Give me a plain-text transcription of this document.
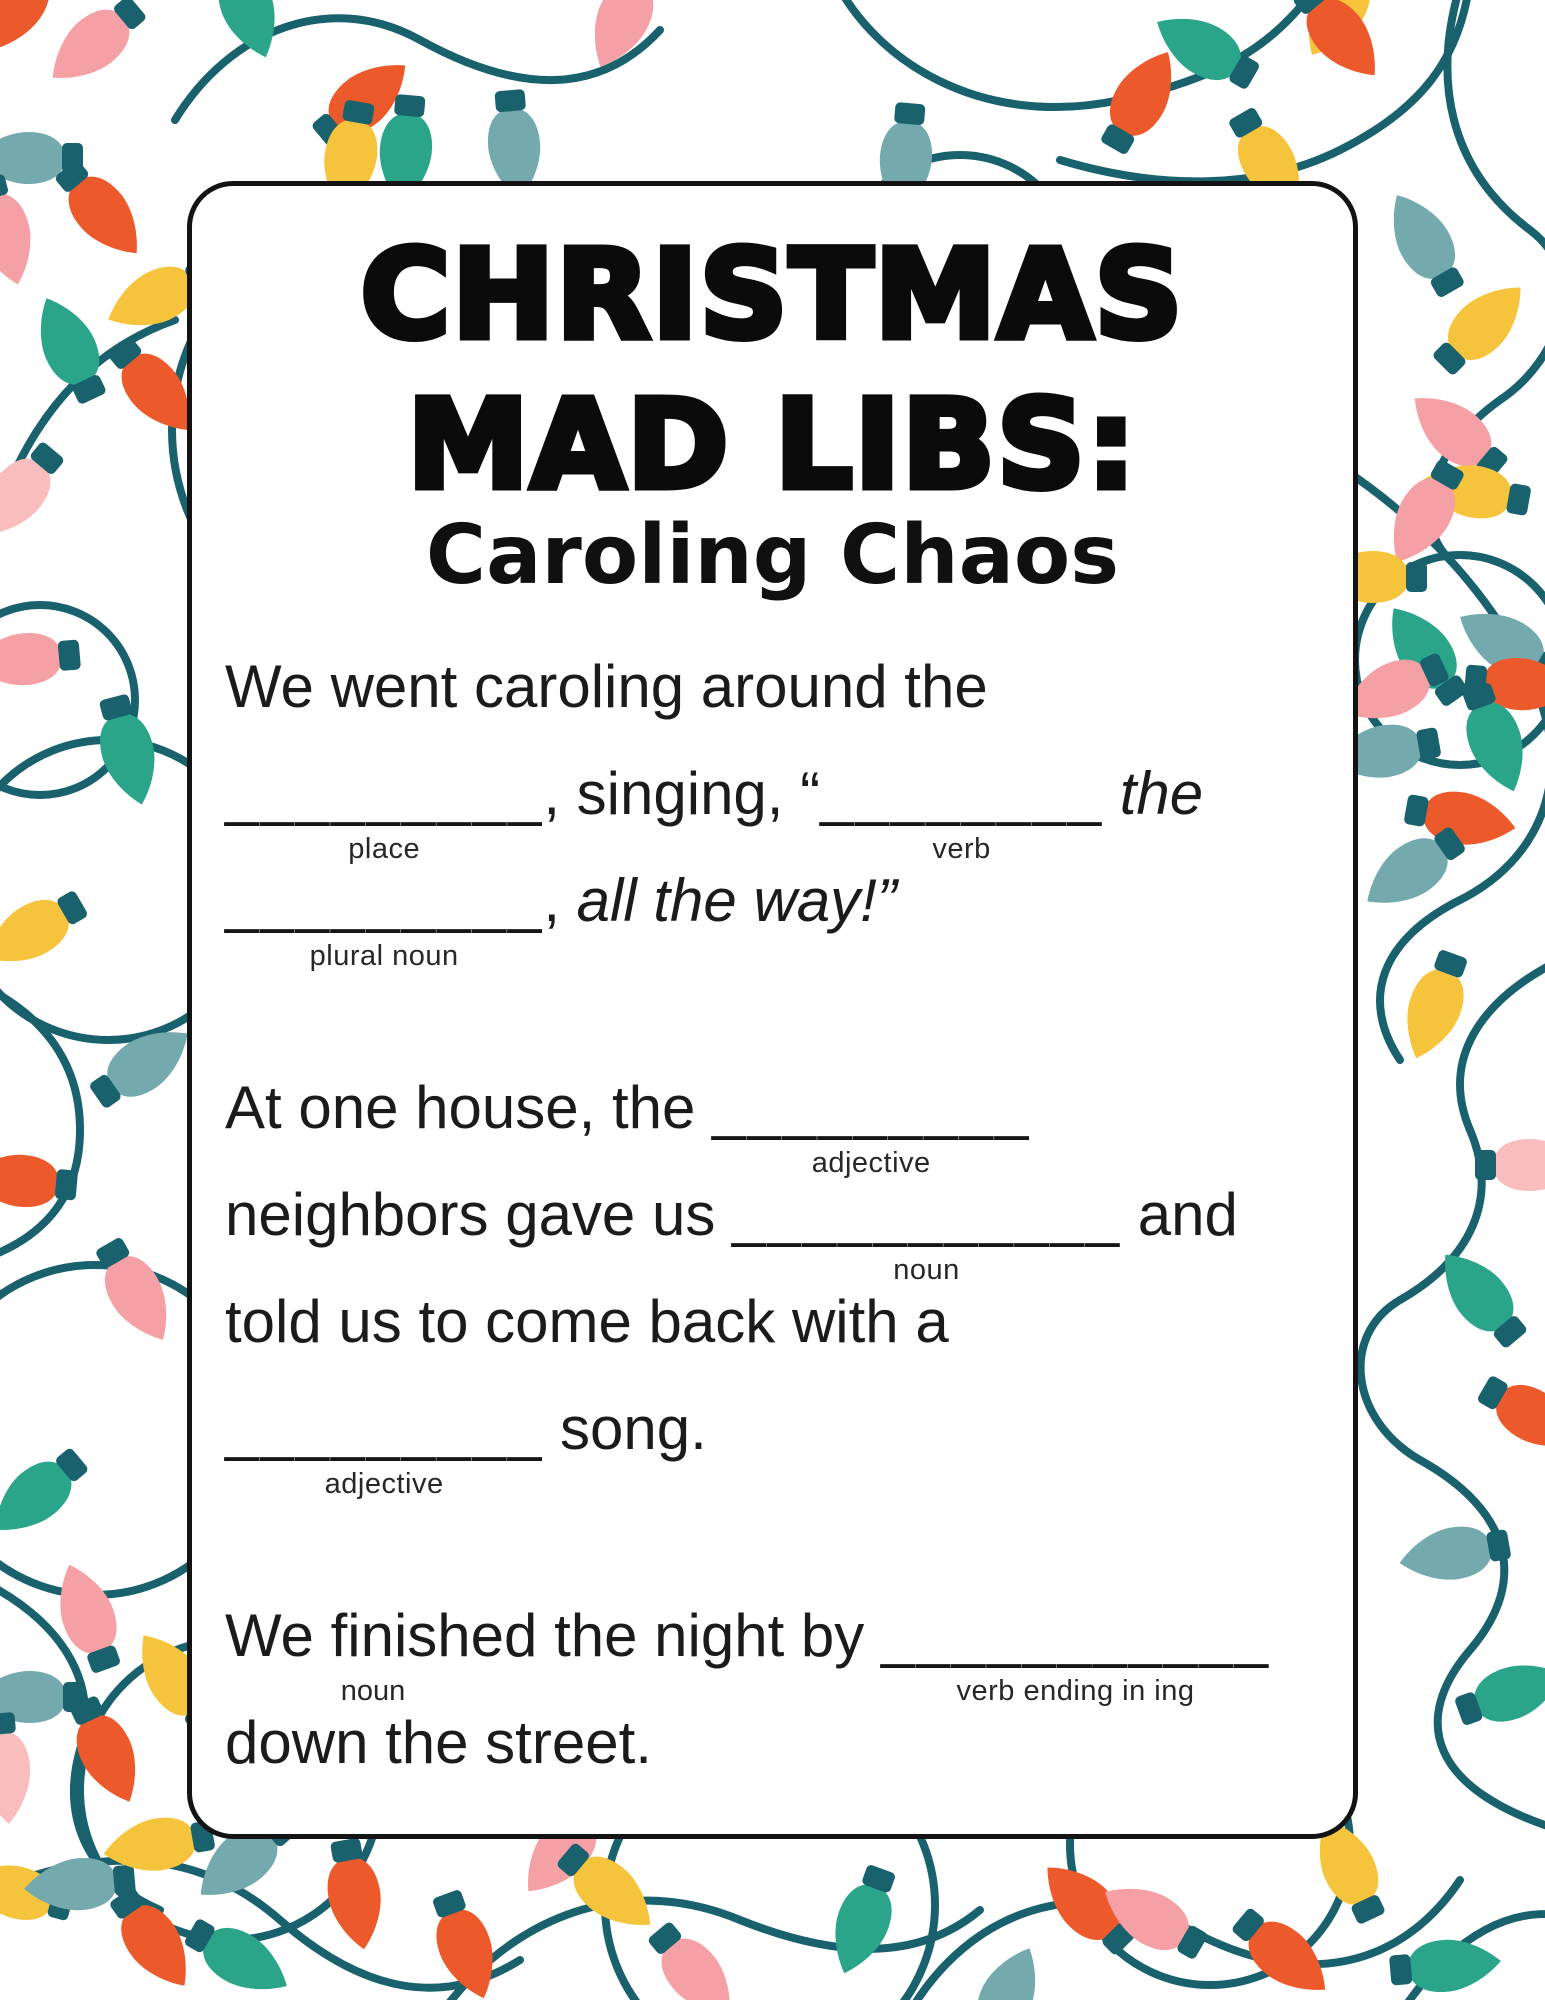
CHRISTMAS
MAD LIBS:
Caroling Chaos
We went caroling around the
_________
place
, singing, “________
verb
the
_________
plural noun
, all the way!”
At one house, the _________
adjective
neighbors gave us ___________
noun
and
told us to come back with a
_________
adjective
song.
We finished the night by ___________
verb ending in ing
noun
down the street.
